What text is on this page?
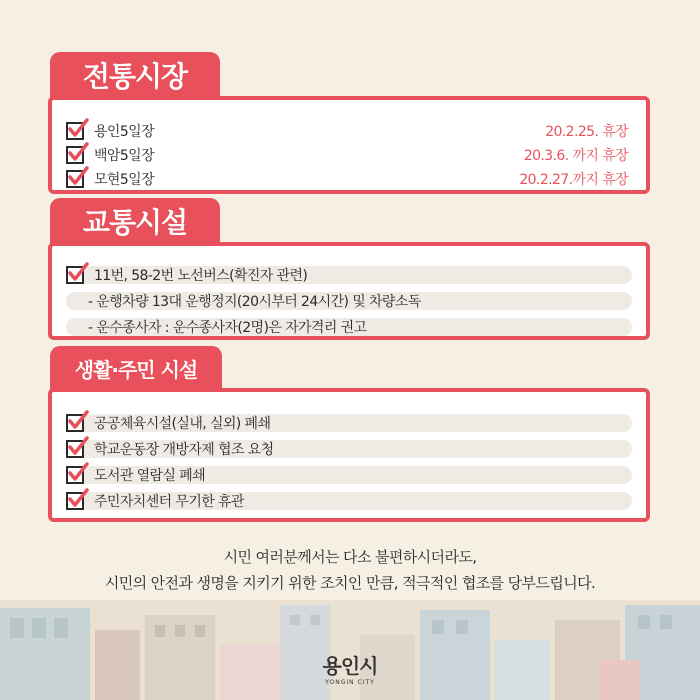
전통시장
용인5일장	20.2.25. 휴장
백암5일장	20.3.6. 까지 휴장
모현5일장	20.2.27.까지 휴장
교통시설
11번, 58-2번 노선버스(확진자 관련)
- 운행차량 13대 운행정지(20시부터 24시간) 및 차량소독
- 운수종사자 : 운수종사자(2명)은 자가격리 권고
생활·주민 시설
공공체육시설(실내, 실외) 폐쇄
학교운동장 개방자제 협조 요청
도서관 열람실 폐쇄
주민자치센터 무기한 휴관
시민 여러분께서는 다소 불편하시더라도,
시민의 안전과 생명을 지키기 위한 조치인 만큼, 적극적인 협조를 당부드립니다.
용인시
YONGIN CITY
